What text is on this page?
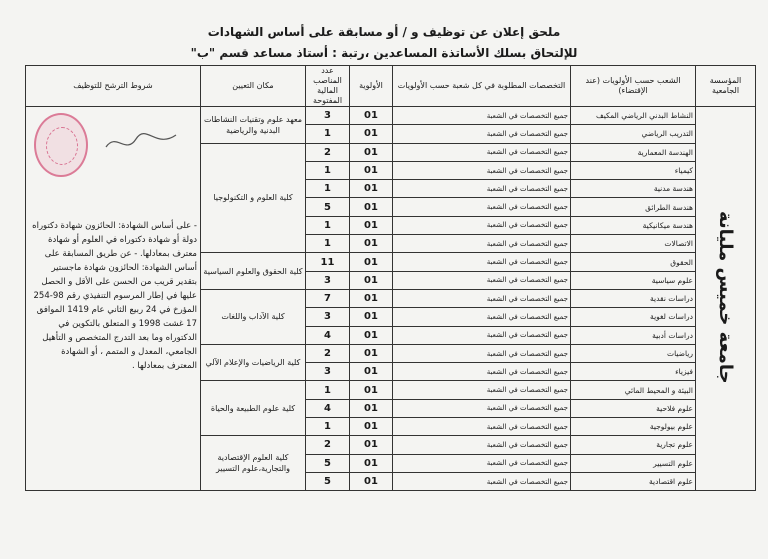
ملحق إعلان عن توظيف و / أو مسابقة على أساس الشهادات
للإلتحاق بسلك الأساتذة المساعدين ،رتبة : أستاذ مساعد قسم "ب"
المؤسسة الجامعية	الشعب حسب الأولويات (عند الإقتضاء)	التخصصات المطلوبة في كل شعبة حسب الأولويات	الأولوية	عدد المناصب المالية المفتوحة	مكان التعيين	شروط الترشح للتوظيف
جامعة خميس مليانة	النشاط البدني الرياضي المكيف	جميع التخصصات في الشعبة	01	3	معهد علوم وتقنيات النشاطات البدنية والرياضية	- على أساس الشهادة: الحائزون شهادة دكتوراه دولة أو شهادة دكتوراه في العلوم أو شهادة معترف بمعادلها. - عن طريق المسابقة على أساس الشهادة: الحائزون شهادة ماجستير بتقدير قريب من الحسن على الأقل و الحصل عليها في إطار المرسوم التنفيذي رقم 98-254 المؤرخ في 24 ربيع الثاني عام 1419 الموافق 17 غشت 1998 و المتعلق بالتكوين في الدكتوراه وما بعد التدرج المتخصص و التأهيل الجامعي، المعدل و المتمم ، أو الشهادة المعترف بمعادلها .

	التدريب الرياضي	جميع التخصصات في الشعبة	01	1		
	الهندسة المعمارية	جميع التخصصات في الشعبة	01	2	كلية العلوم و التكنولوجيا	
	كيمياء	جميع التخصصات في الشعبة	01	1		
	هندسة مدنية	جميع التخصصات في الشعبة	01	1		
	هندسة الطرائق	جميع التخصصات في الشعبة	01	5		
	هندسة ميكانيكية	جميع التخصصات في الشعبة	01	1		
	الاتصالات	جميع التخصصات في الشعبة	01	1		
	الحقوق	جميع التخصصات في الشعبة	01	11	كلية الحقوق والعلوم السياسية	
	علوم سياسية	جميع التخصصات في الشعبة	01	3		
	دراسات نقدية	جميع التخصصات في الشعبة	01	7	كلية الآداب واللغات	
	دراسات لغوية	جميع التخصصات في الشعبة	01	3		
	دراسات أدبية	جميع التخصصات في الشعبة	01	4		
	رياضيات	جميع التخصصات في الشعبة	01	2	كلية الرياضيات والإعلام الآلي	
	فيزياء	جميع التخصصات في الشعبة	01	3		
	البيئة و المحيط المائي	جميع التخصصات في الشعبة	01	1	كلية علوم الطبيعة والحياة	
	علوم فلاحية	جميع التخصصات في الشعبة	01	4		
	علوم بيولوجية	جميع التخصصات في الشعبة	01	1		
	علوم تجارية	جميع التخصصات في الشعبة	01	2	كلية العلوم الإقتصادية والتجارية،علوم التسيير	
	علوم التسيير	جميع التخصصات في الشعبة	01	5		
	علوم اقتصادية	جميع التخصصات في الشعبة	01	5		
